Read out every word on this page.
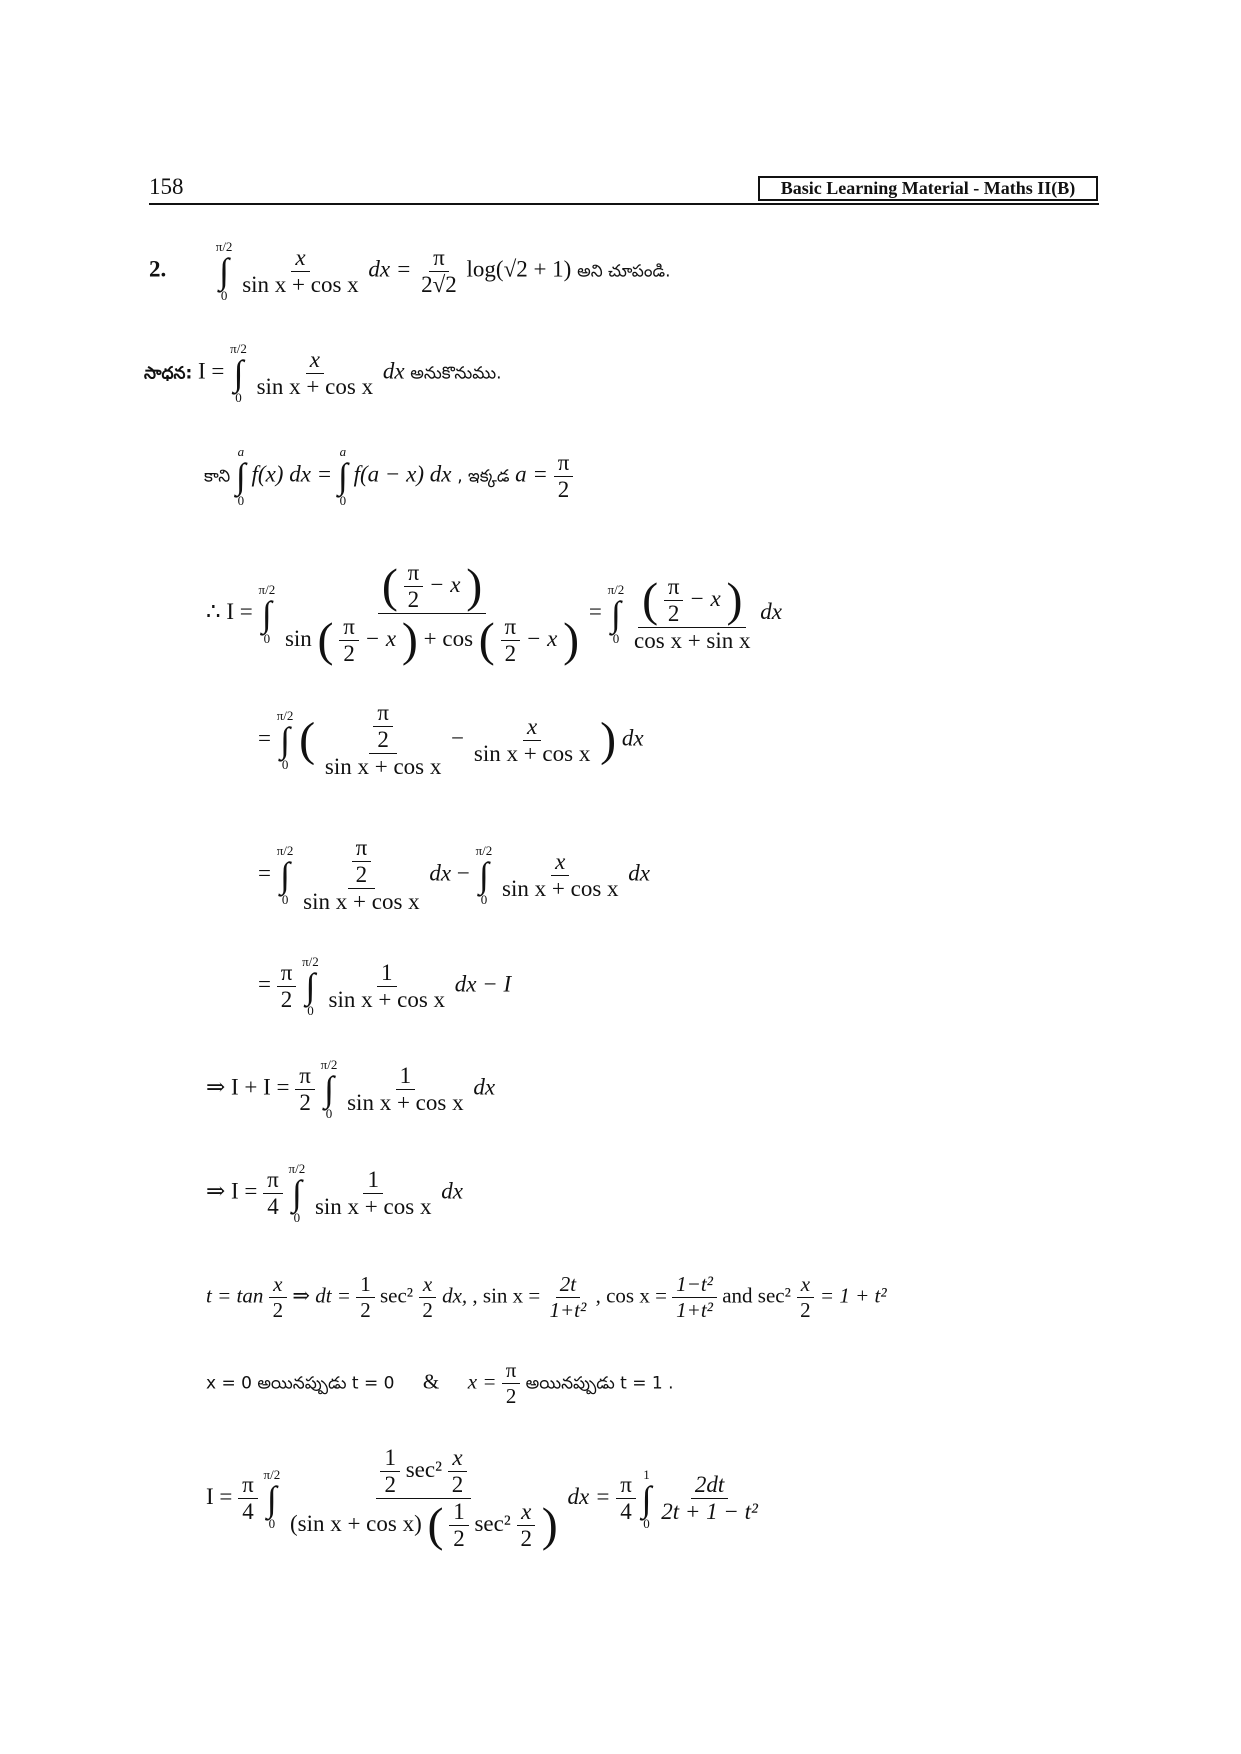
158	Basic Learning Material - Maths II(B)
2.
π/2
∫
0
$\frac{x}{\text{sin x + cos x}}$ dx = $\frac{\pi}{2√2} \log(√2 + 1)$ అని చూపండి.
సాధన: I =
π/2
∫
0
$\frac{x}{\text{sin x + cos x}}$ dx అనుకొనుము.
కాని
a
∫
0
f(x) dx =
a
∫
0
f(a − x) dx , ఇక్కడ $a = \frac{\pi}{2}$
∴ I =
π/2
∫
0

( $\frac{\pi}{2} - x$ )
sin ( $\frac{\pi}{2} - x$ ) + cos ( $\frac{\pi}{2} - x$ )
=
π/2
∫
0
$\frac{( \frac{\pi}{2} - x )}{\text{cos x + sin x}}$ dx
=
π/2
∫
0 ( $\frac{\frac{\pi}{2}}{\text{sin x + cos x}} - \frac{x}{\text{sin x + cos x}}$ ) dx
=
π/2
∫
0
$\frac{\frac{\pi}{2}}{\text{sin x + cos x}}$ dx −
π/2
∫
0
$\frac{x}{\text{sin x + cos x}}$ dx
= $\frac{\pi}{2}$
π/2
∫
0
$\frac{1}{\text{sin x + cos x}}$ dx − I
⇒ $I + I = \frac{\pi}{2}$
π/2
∫
0
$\frac{1}{\text{sin x + cos x}}$ dx
⇒ $I = \frac{\pi}{4}$
π/2
∫
0
$\frac{1}{\text{sin x + cos x}}$ dx
$t = \tan \frac{x}{2}$ ⇒ dt = $\frac{1}{2} \sec^2 \frac{x}{2}$ dx, , $\sin x = \frac{2t}{\text{1+t²}}$ , $\cos x = \frac{\text{1−t²}}{\text{1+t²}}$ and $\sec^2 \frac{x}{2} = 1 + t^2$
x = 0 అయినప్పుడు t = 0 & $x = \frac{\pi}{2}$ అయినప్పుడు t = 1 .
$I = \frac{\pi}{4}$
π/2
∫
0
$\frac{\frac{1}{2} \sec^2 \frac{x}{2}}{(\sin x + \cos x) ( \frac{1}{2} \sec^2 \frac{x}{2} )}$ dx = $\frac{\pi}{4}$
1
∫
0
$\frac{2dt}{\text{2t + 1 − t²}}$
